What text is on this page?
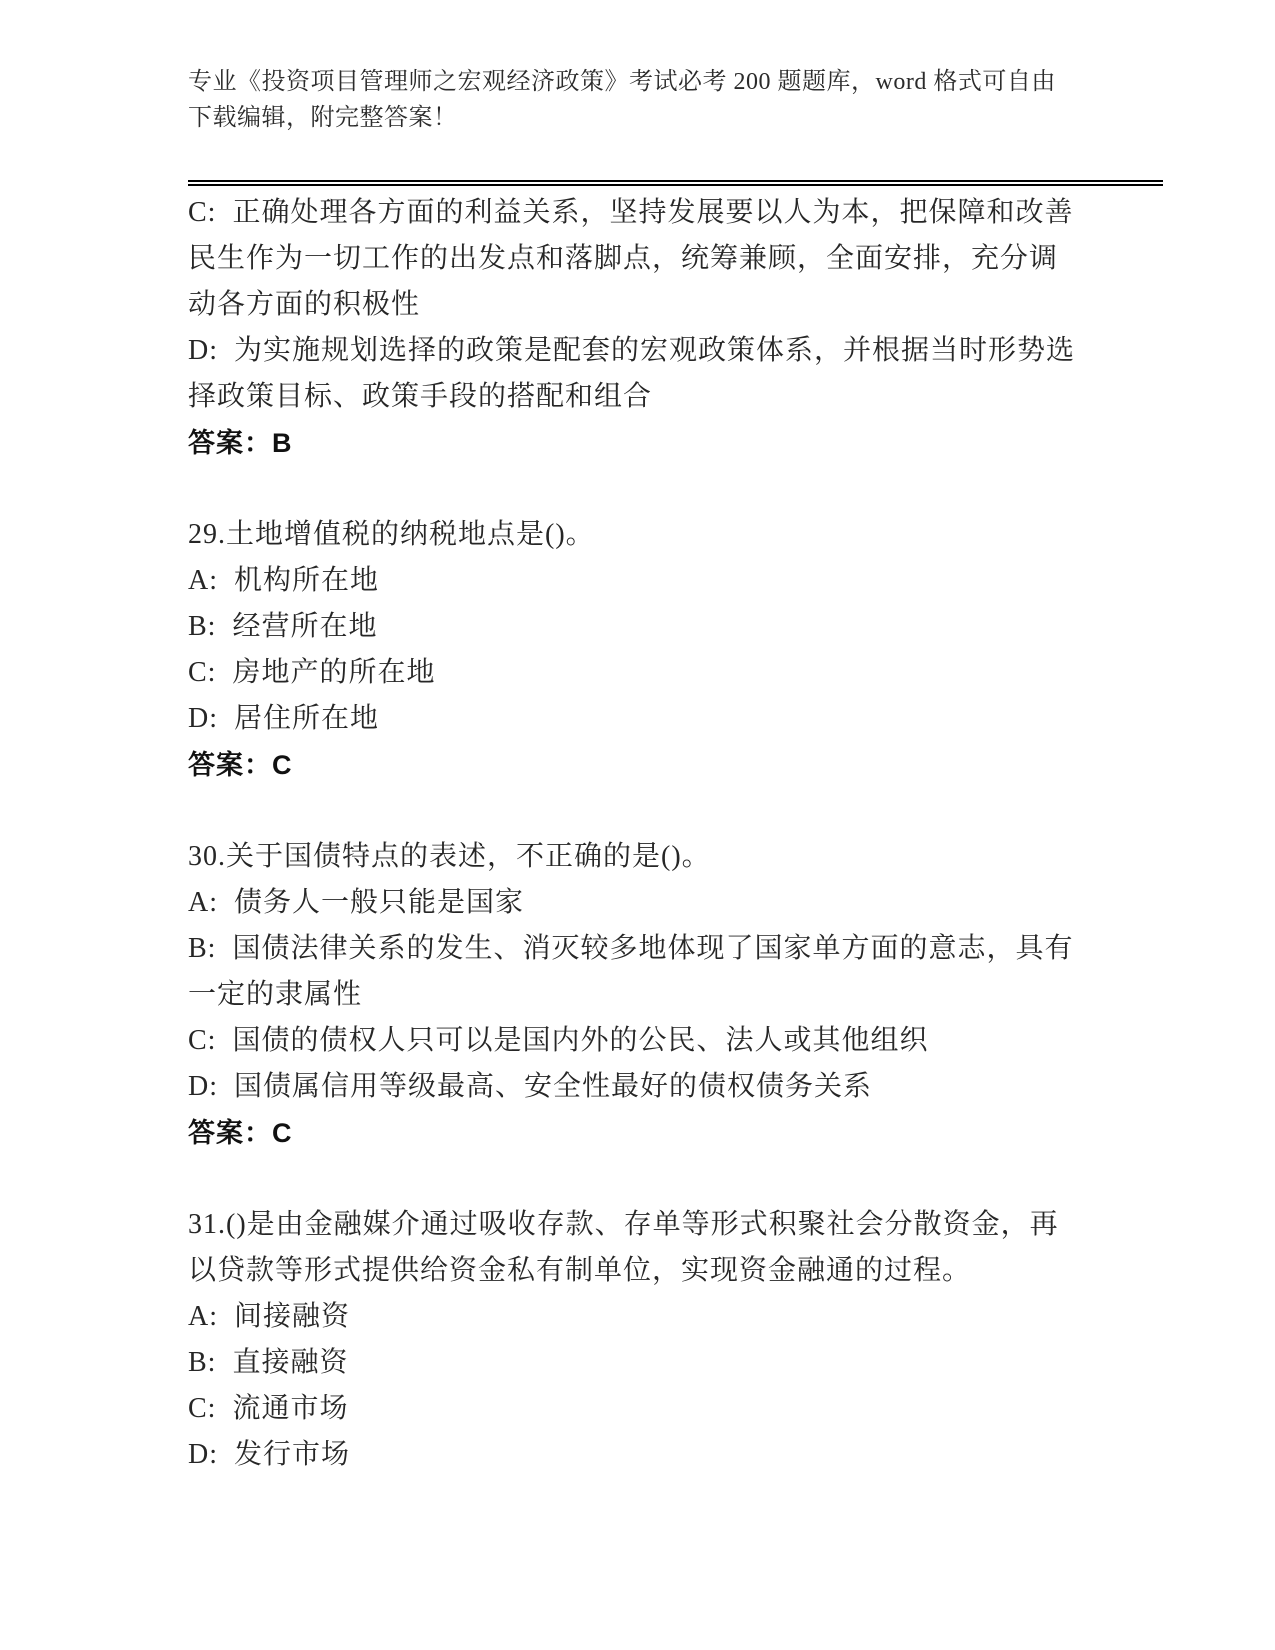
专业《投资项目管理师之宏观经济政策》考试必考 200 题题库，word 格式可自由
下载编辑，附完整答案！
C:  正确处理各方面的利益关系，坚持发展要以人为本，把保障和改善
民生作为一切工作的出发点和落脚点，统筹兼顾，全面安排，充分调
动各方面的积极性
D:  为实施规划选择的政策是配套的宏观政策体系，并根据当时形势选
择政策目标、政策手段的搭配和组合
答案：B
29.土地增值税的纳税地点是()。
A:  机构所在地
B:  经营所在地
C:  房地产的所在地
D:  居住所在地
答案：C
30.关于国债特点的表述，不正确的是()。
A:  债务人一般只能是国家
B:  国债法律关系的发生、消灭较多地体现了国家单方面的意志，具有
一定的隶属性
C:  国债的债权人只可以是国内外的公民、法人或其他组织
D:  国债属信用等级最高、安全性最好的债权债务关系
答案：C
31.()是由金融媒介通过吸收存款、存单等形式积聚社会分散资金，再
以贷款等形式提供给资金私有制单位，实现资金融通的过程。
A:  间接融资
B:  直接融资
C:  流通市场
D:  发行市场
